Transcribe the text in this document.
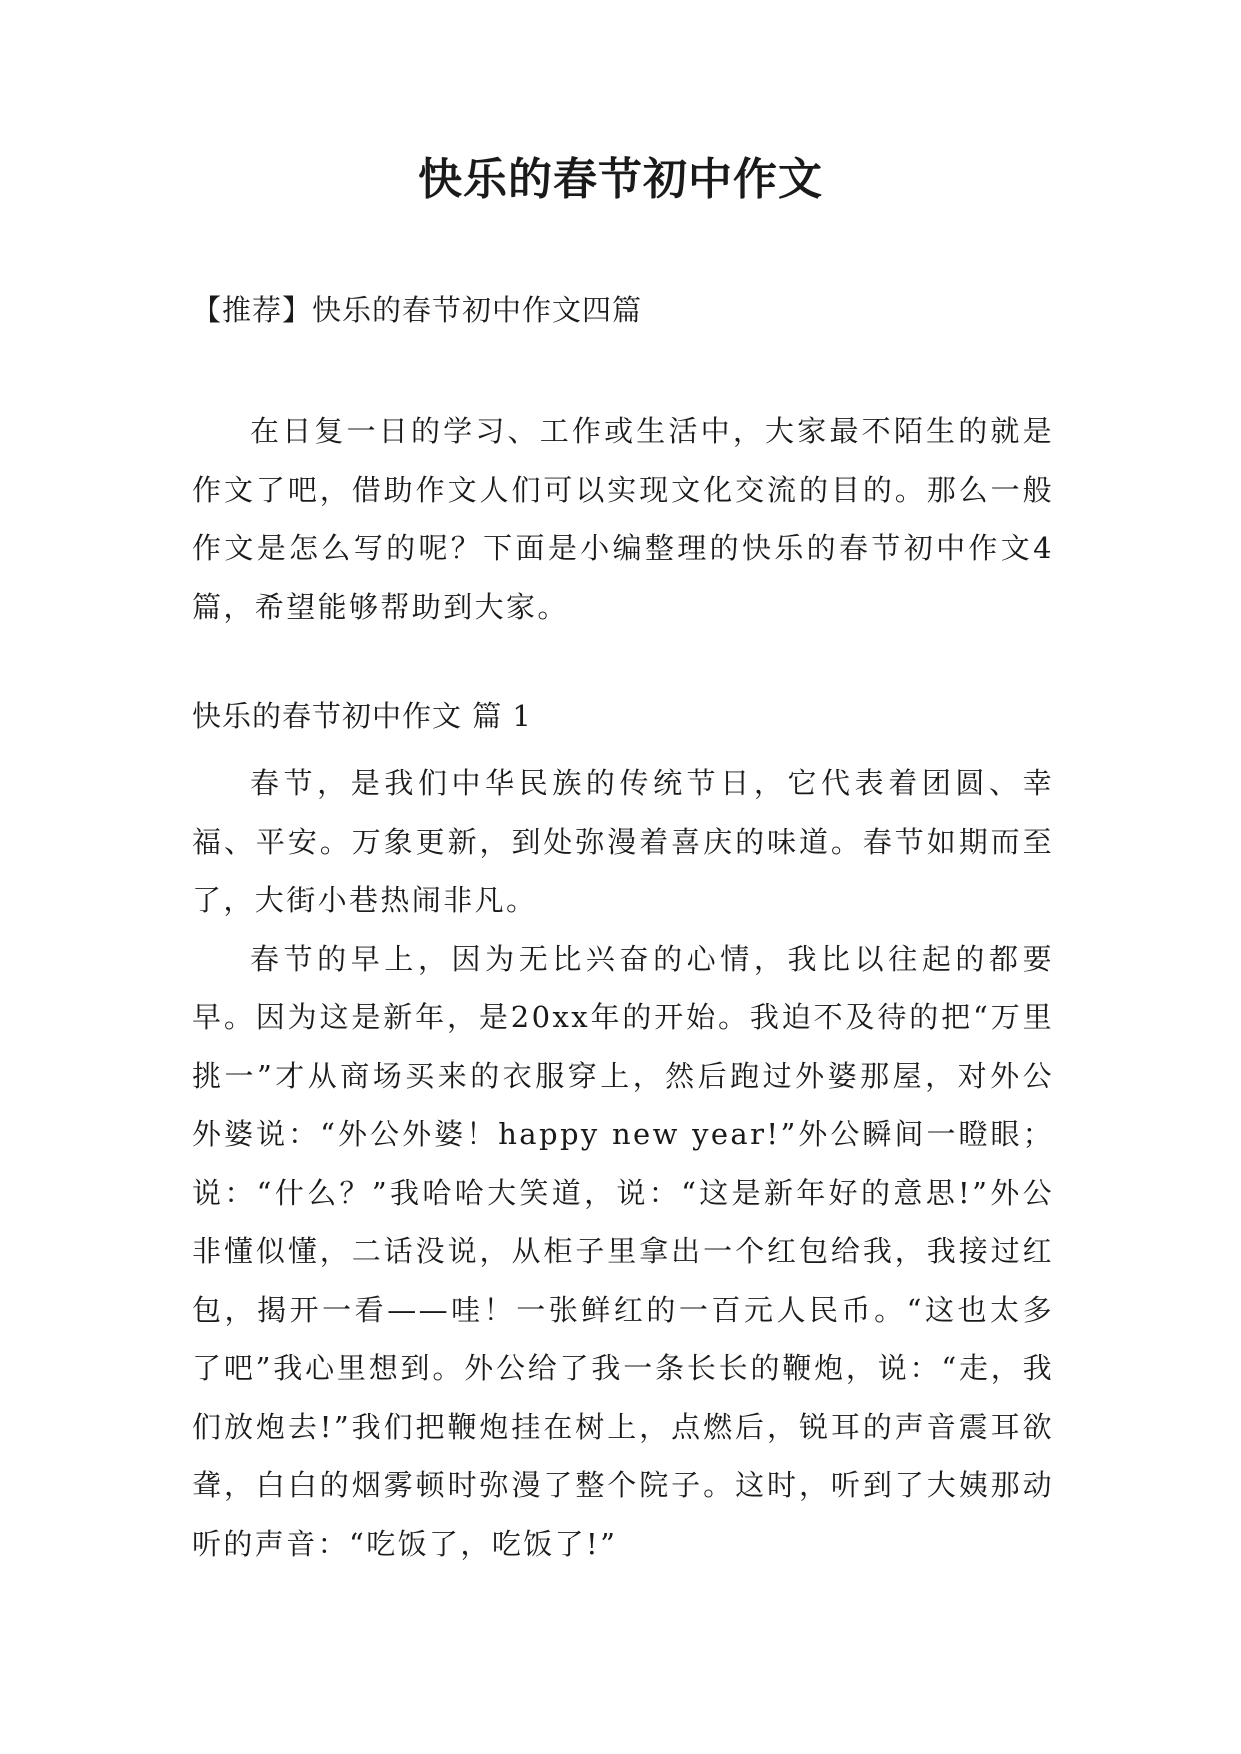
快乐的春节初中作文
【推荐】快乐的春节初中作文四篇

在日复一日的学习、工作或生活中，大家最不陌生的就是作文了吧，借助作文人们可以实现文化交流的目的。那么一般作文是怎么写的呢？下面是小编整理的快乐的春节初中作文4篇，希望能够帮助到大家。

快乐的春节初中作文 篇 1

春节，是我们中华民族的传统节日，它代表着团圆、幸福、平安。万象更新，到处弥漫着喜庆的味道。春节如期而至了，大街小巷热闹非凡。

春节的早上，因为无比兴奋的心情，我比以往起的都要早。因为这是新年，是20xx年的开始。我迫不及待的把“万里挑一”才从商场买来的衣服穿上，然后跑过外婆那屋，对外公外婆说：“外公外婆！happy new year!”外公瞬间一瞪眼；说：“什么？”我哈哈大笑道，说：“这是新年好的意思!”外公非懂似懂，二话没说，从柜子里拿出一个红包给我，我接过红包，揭开一看——哇！一张鲜红的一百元人民币。“这也太多了吧”我心里想到。外公给了我一条长长的鞭炮，说：“走，我们放炮去!”我们把鞭炮挂在树上，点燃后，锐耳的声音震耳欲聋，白白的烟雾顿时弥漫了整个院子。这时，听到了大姨那动听的声音：“吃饭了，吃饭了!”
